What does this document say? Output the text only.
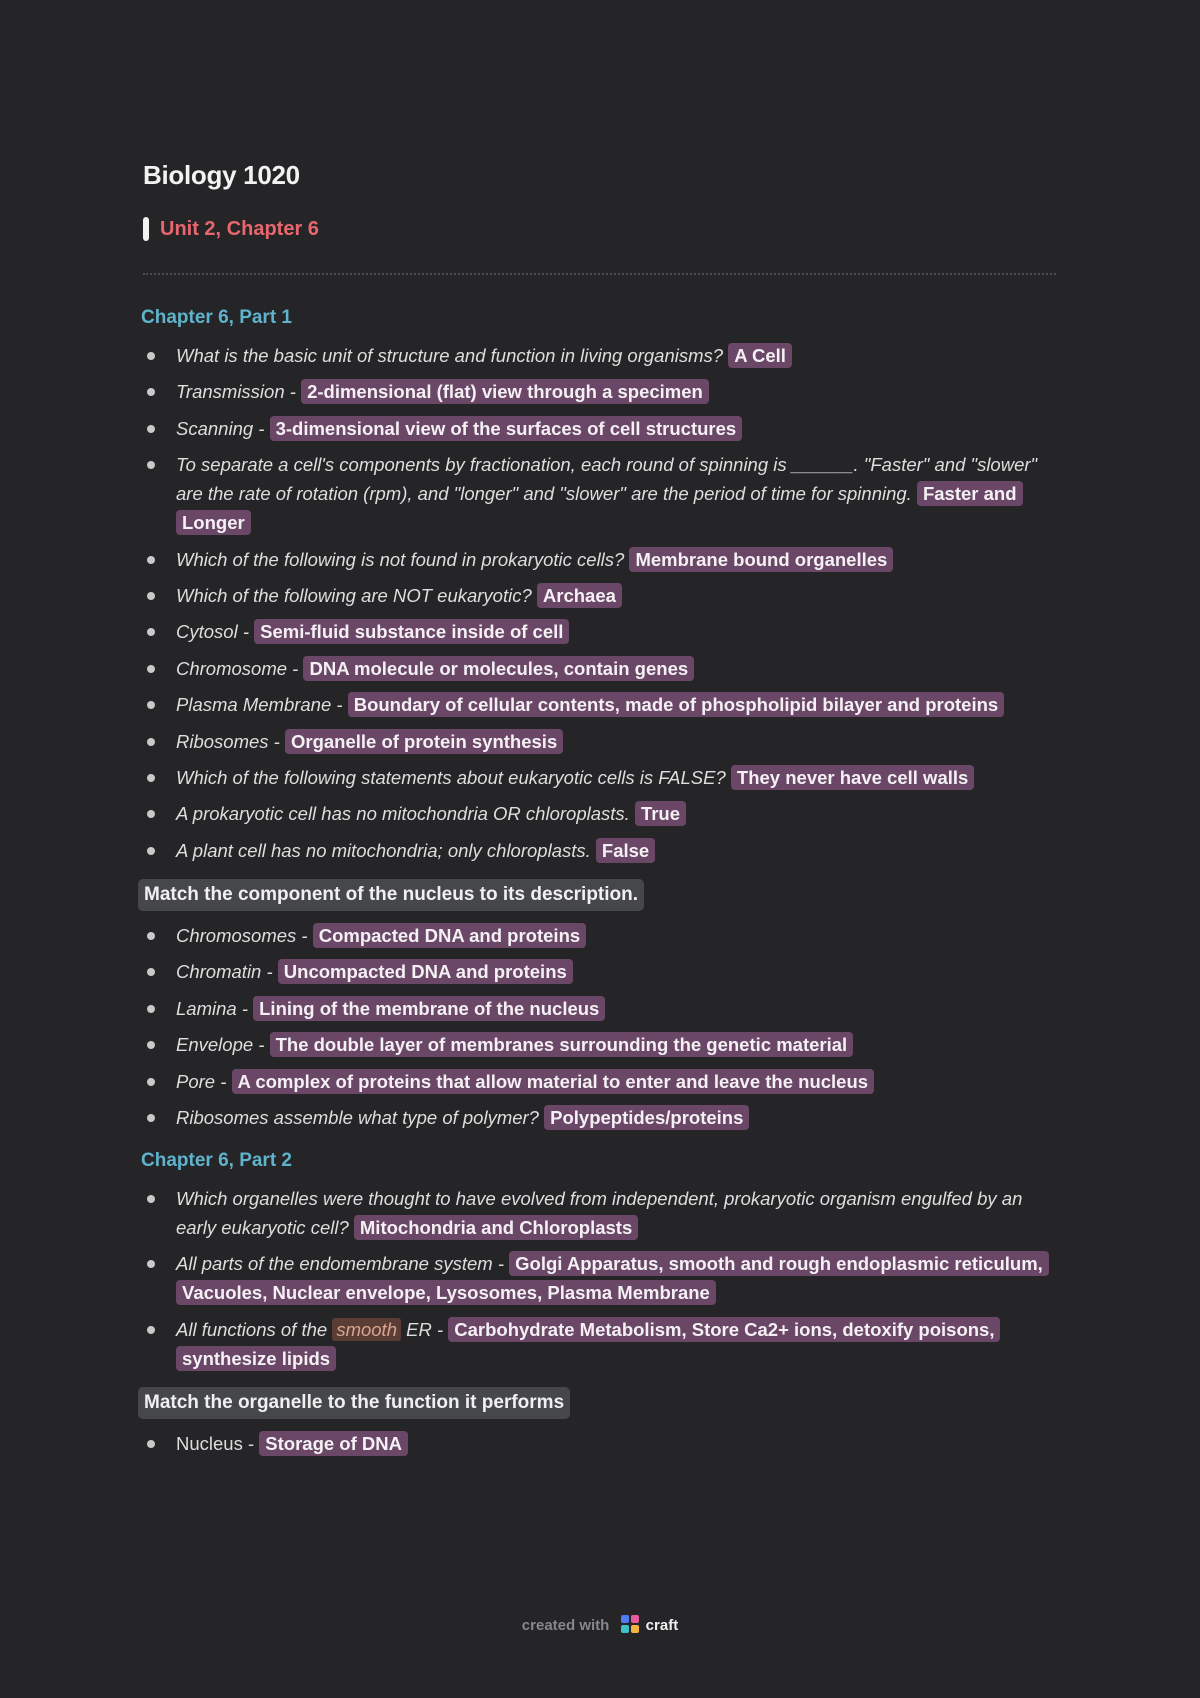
Biology 1020
Unit 2, Chapter 6
Chapter 6, Part 1
What is the basic unit of structure and function in living organisms? A Cell
Transmission - 2-dimensional (flat) view through a specimen
Scanning - 3-dimensional view of the surfaces of cell structures
To separate a cell's components by fractionation, each round of spinning is ______. "Faster" and "slower" are the rate of rotation (rpm), and "longer" and "slower" are the period of time for spinning. Faster and Longer
Which of the following is not found in prokaryotic cells? Membrane bound organelles
Which of the following are NOT eukaryotic? Archaea
Cytosol - Semi-fluid substance inside of cell
Chromosome - DNA molecule or molecules, contain genes
Plasma Membrane - Boundary of cellular contents, made of phospholipid bilayer and proteins
Ribosomes - Organelle of protein synthesis
Which of the following statements about eukaryotic cells is FALSE? They never have cell walls
A prokaryotic cell has no mitochondria OR chloroplasts. True
A plant cell has no mitochondria; only chloroplasts. False
Match the component of the nucleus to its description.
Chromosomes - Compacted DNA and proteins
Chromatin - Uncompacted DNA and proteins
Lamina - Lining of the membrane of the nucleus
Envelope - The double layer of membranes surrounding the genetic material
Pore - A complex of proteins that allow material to enter and leave the nucleus
Ribosomes assemble what type of polymer? Polypeptides/proteins
Chapter 6, Part 2
Which organelles were thought to have evolved from independent, prokaryotic organism engulfed by an early eukaryotic cell? Mitochondria and Chloroplasts
All parts of the endomembrane system - Golgi Apparatus, smooth and rough endoplasmic reticulum, Vacuoles, Nuclear envelope, Lysosomes, Plasma Membrane
All functions of the smooth ER - Carbohydrate Metabolism, Store Ca2+ ions, detoxify poisons, synthesize lipids
Match the organelle to the function it performs
Nucleus - Storage of DNA
created with craft
